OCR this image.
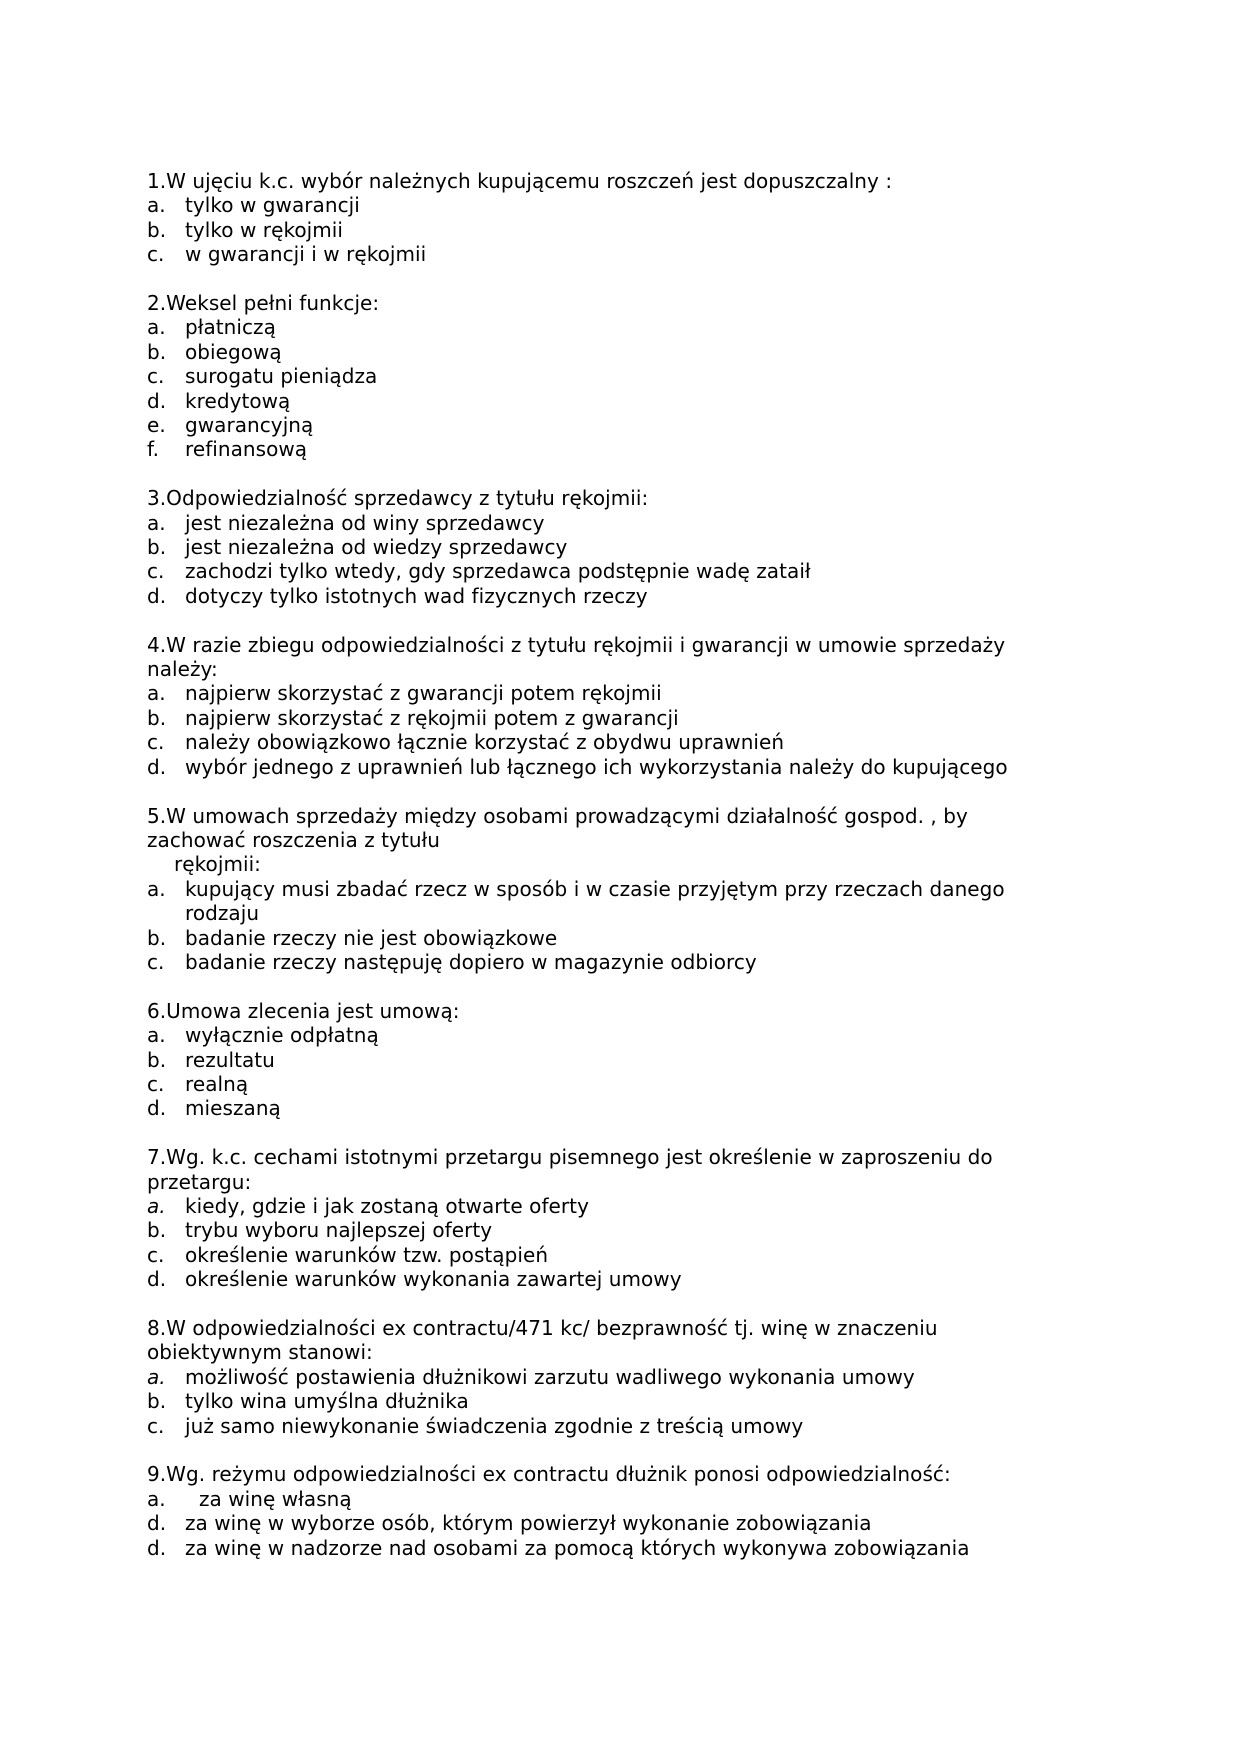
1.W ujęciu k.c. wybór należnych kupującemu roszczeń jest dopuszczalny :
a. tylko w gwarancji
b. tylko w rękojmii
c.	w gwarancji i w rękojmii
2.Weksel pełni funkcje:
a. płatniczą
b. obiegową
c.	surogatu pieniądza
d. kredytową
e. gwarancyjną
f.	refinansową
3.Odpowiedzialność sprzedawcy z tytułu rękojmii:
a. jest niezależna od winy sprzedawcy
b. jest niezależna od wiedzy sprzedawcy
c.	zachodzi tylko wtedy, gdy sprzedawca podstępnie wadę zataił
d. dotyczy tylko istotnych wad fizycznych rzeczy
4.W razie zbiegu odpowiedzialności z tytułu rękojmii i gwarancji w umowie sprzedaży należy:
a. najpierw skorzystać z gwarancji potem rękojmii
b. najpierw skorzystać z rękojmii potem z gwarancji
c.	należy obowiązkowo łącznie korzystać z obydwu uprawnień
d. wybór jednego z uprawnień lub łącznego ich wykorzystania należy do kupującego
5.W umowach sprzedaży między osobami prowadzącymi działalność gospod. , by zachować roszczenia z tytułu
rękojmii:
a. kupujący musi zbadać rzecz w sposób i w czasie przyjętym przy rzeczach danego rodzaju
b. badanie rzeczy nie jest obowiązkowe
c.	badanie rzeczy następuję dopiero w magazynie odbiorcy
6.Umowa zlecenia jest umową:
a. wyłącznie odpłatną
b. rezultatu
c.	realną
d. mieszaną
7.Wg. k.c. cechami istotnymi przetargu pisemnego jest określenie w zaproszeniu do przetargu:
a. kiedy, gdzie i jak zostaną otwarte oferty
b. trybu wyboru najlepszej oferty
c.	określenie warunków tzw. postąpień
d. określenie warunków wykonania zawartej umowy
8.W odpowiedzialności ex contractu/471 kc/ bezprawność tj. winę w znaczeniu obiektywnym stanowi:
a. możliwość postawienia dłużnikowi zarzutu wadliwego wykonania umowy
b. tylko wina umyślna dłużnika
c.	już samo niewykonanie świadczenia zgodnie z treścią umowy
9.Wg. reżymu odpowiedzialności ex contractu dłużnik ponosi odpowiedzialność:
a.	za winę własną
d. za winę w wyborze osób, którym powierzył wykonanie zobowiązania
d. za winę w nadzorze nad osobami za pomocą których wykonywa zobowiązania
